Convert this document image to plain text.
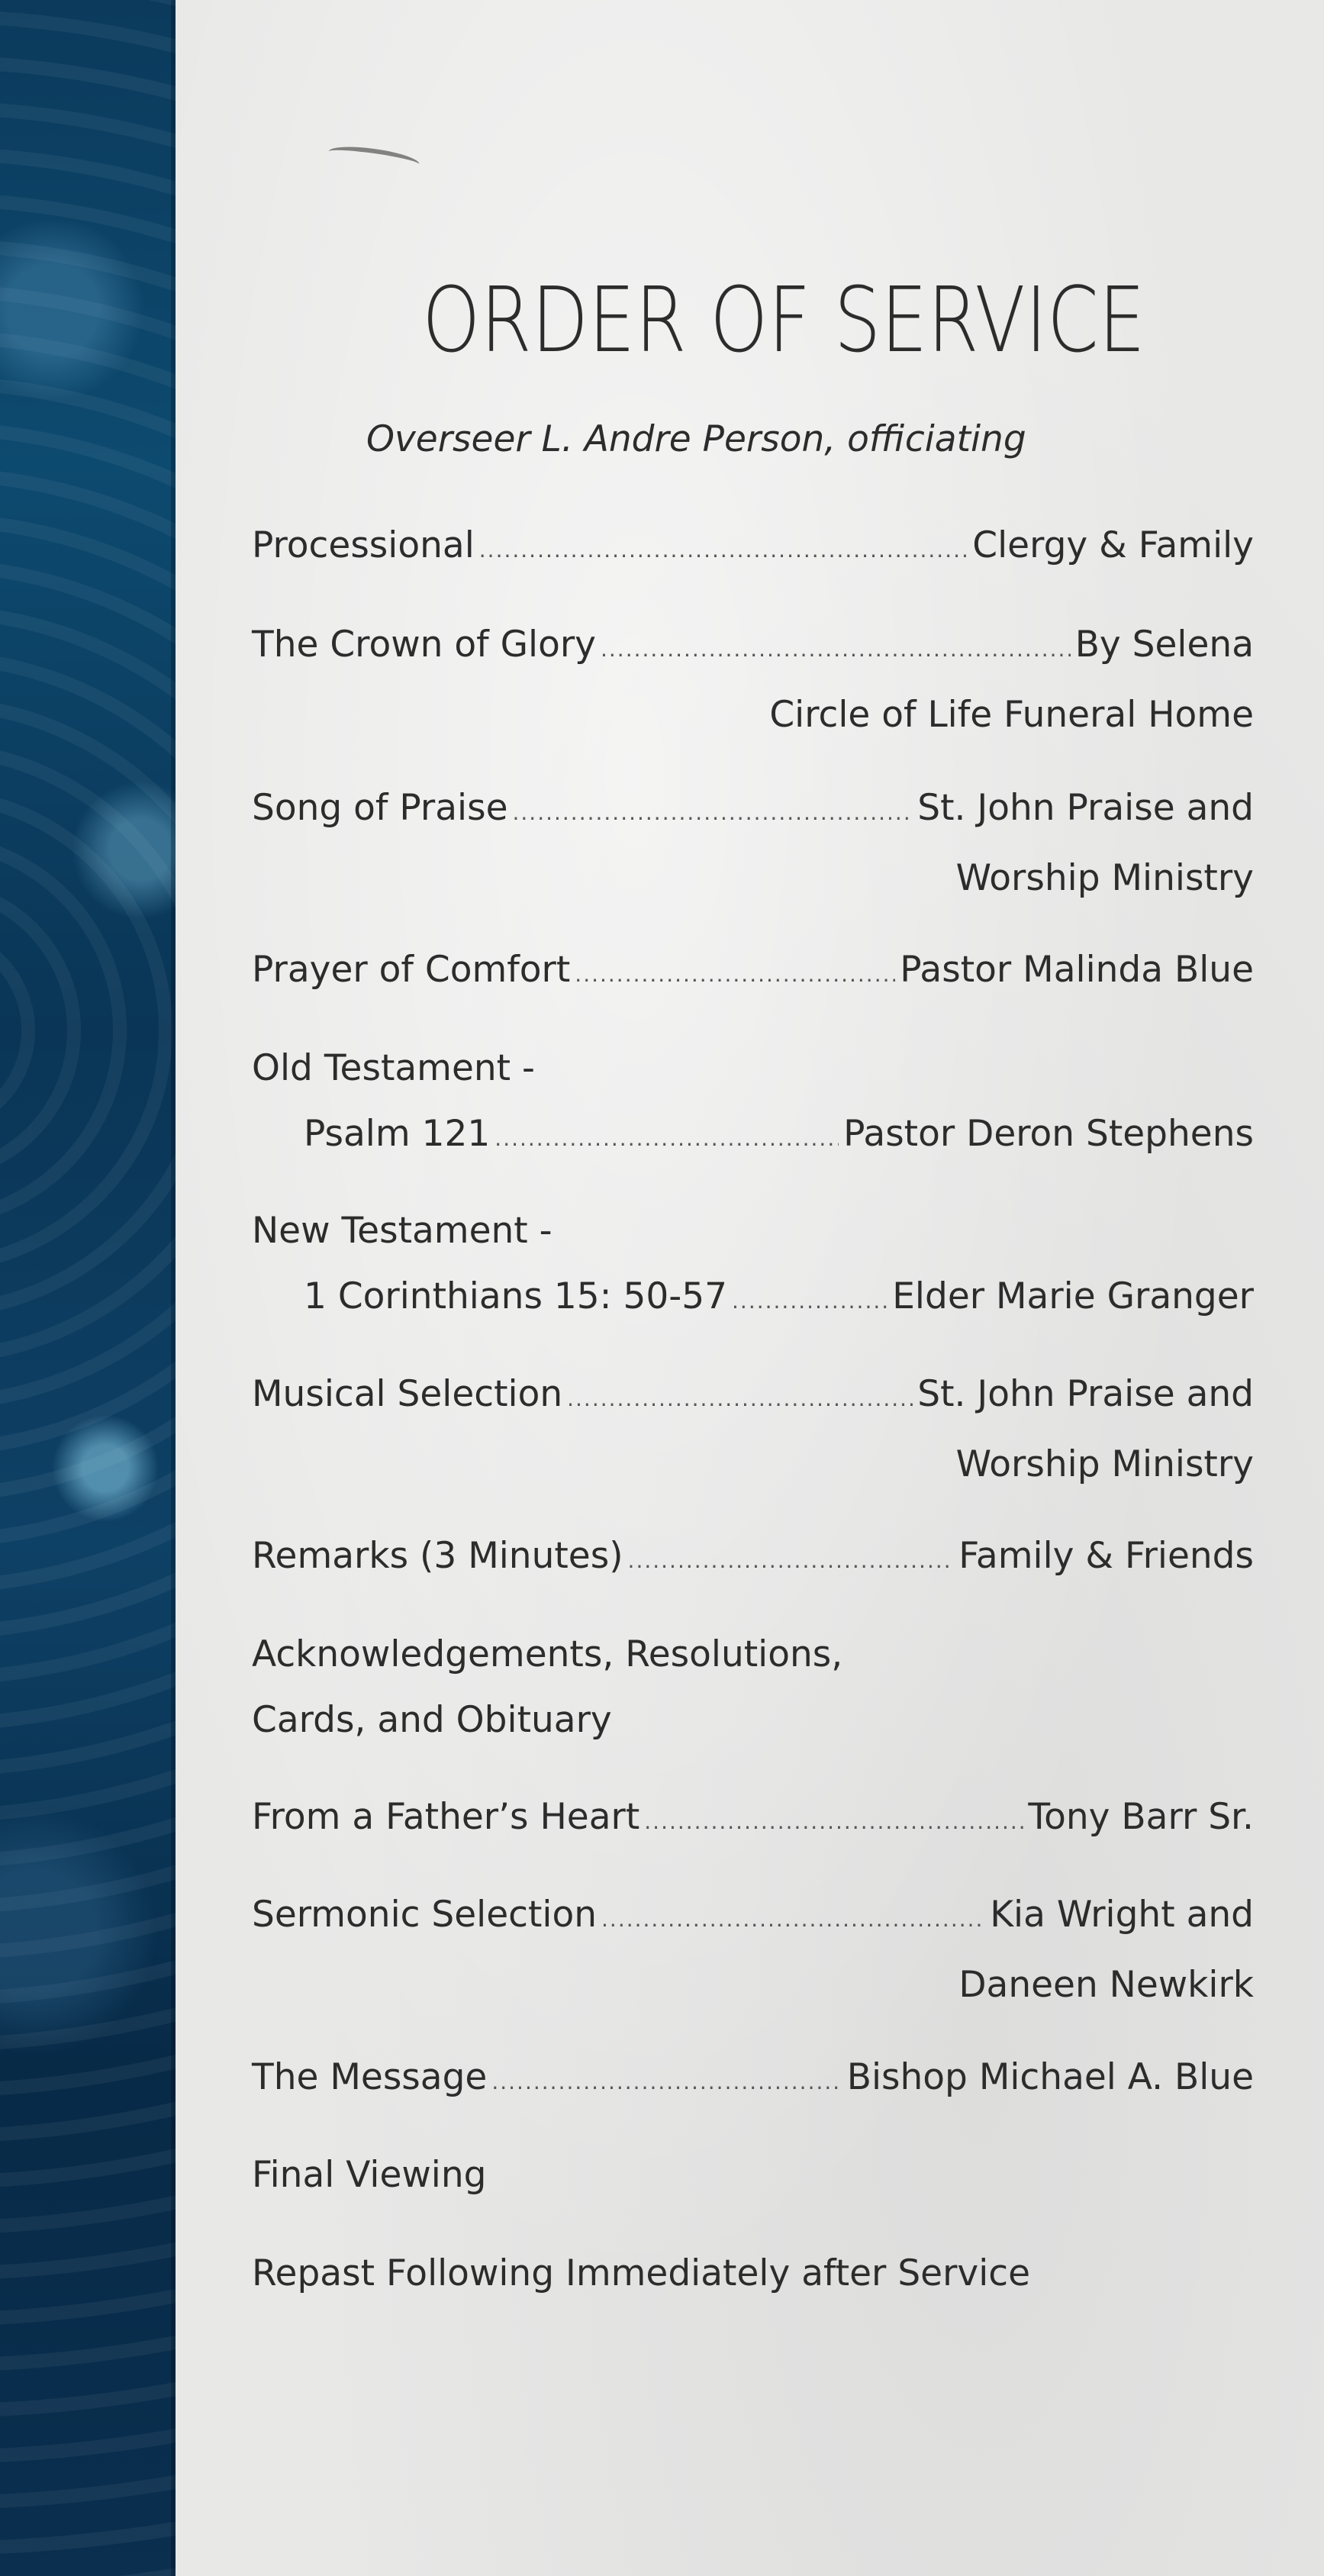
ORDER OF SERVICE
Overseer L. Andre Person, officiating
Processional .....	Clergy & Family
The Crown of Glory .....	By Selena
Circle of Life Funeral Home
Song of Praise .....	St. John Praise and
Worship Ministry
Prayer of Comfort .....	Pastor Malinda Blue
Old Testament -
Psalm 121 .....	Pastor Deron Stephens
New Testament -
1 Corinthians 15: 50-57 .....	Elder Marie Granger
Musical Selection .....	St. John Praise and
Worship Ministry
Remarks (3 Minutes) .....	Family & Friends
Acknowledgements, Resolutions,
Cards, and Obituary
From a Father’s Heart .....	Tony Barr Sr.
Sermonic Selection .....	Kia Wright and
Daneen Newkirk
The Message .....	Bishop Michael A. Blue
Final Viewing
Repast Following Immediately after Service
